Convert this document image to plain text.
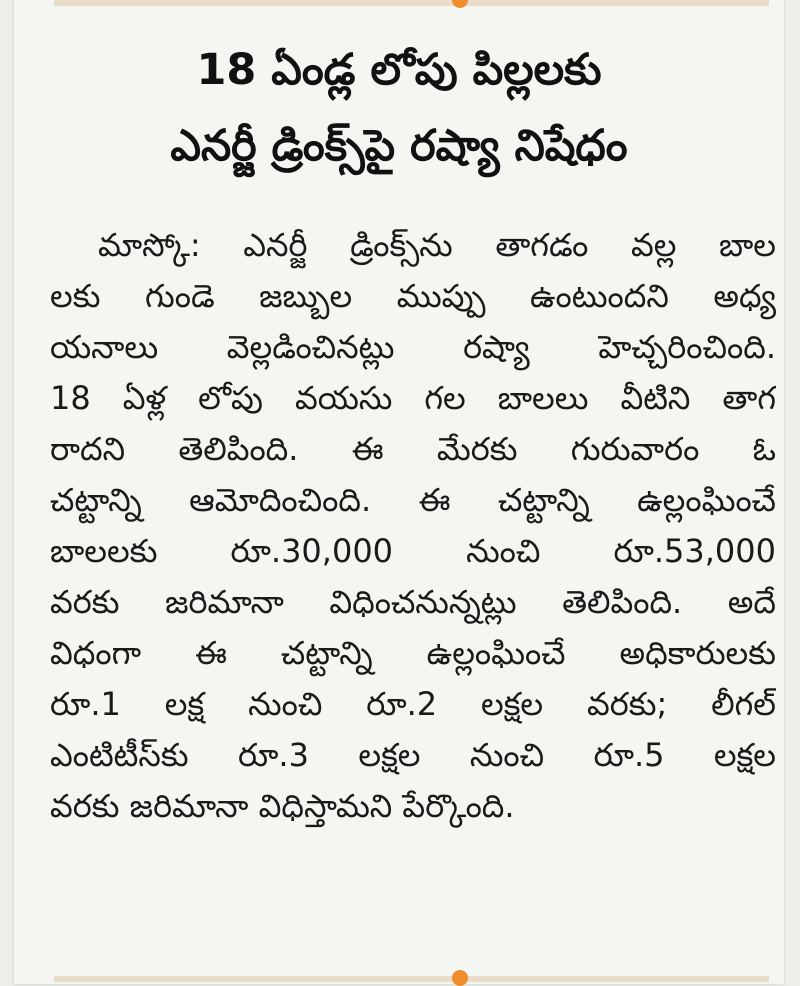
18 ఏండ్ల లోపు పిల్లలకు
ఎనర్జీ డ్రింక్స్‌పై రష్యా నిషేధం
మాస్కో: ఎనర్జీ డ్రింక్స్‌ను తాగడం వల్ల బాల
లకు గుండె జబ్బుల ముప్పు ఉంటుందని అధ్య
యనాలు వెల్లడించినట్లు రష్యా హెచ్చరించింది.
18 ఏళ్ల లోపు వయసు గల బాలలు వీటిని తాగ
రాదని తెలిపింది. ఈ మేరకు గురువారం ఓ
చట్టాన్ని ఆమోదించింది. ఈ చట్టాన్ని ఉల్లంఘించే
బాలలకు రూ.30,000 నుంచి రూ.53,000
వరకు జరిమానా విధించనున్నట్లు తెలిపింది. అదే
విధంగా ఈ చట్టాన్ని ఉల్లంఘించే అధికారులకు
రూ.1 లక్ష నుంచి రూ.2 లక్షల వరకు; లీగల్
ఎంటిటీస్‌కు రూ.3 లక్షల నుంచి రూ.5 లక్షల
వరకు జరిమానా విధిస్తామని పేర్కొంది.
